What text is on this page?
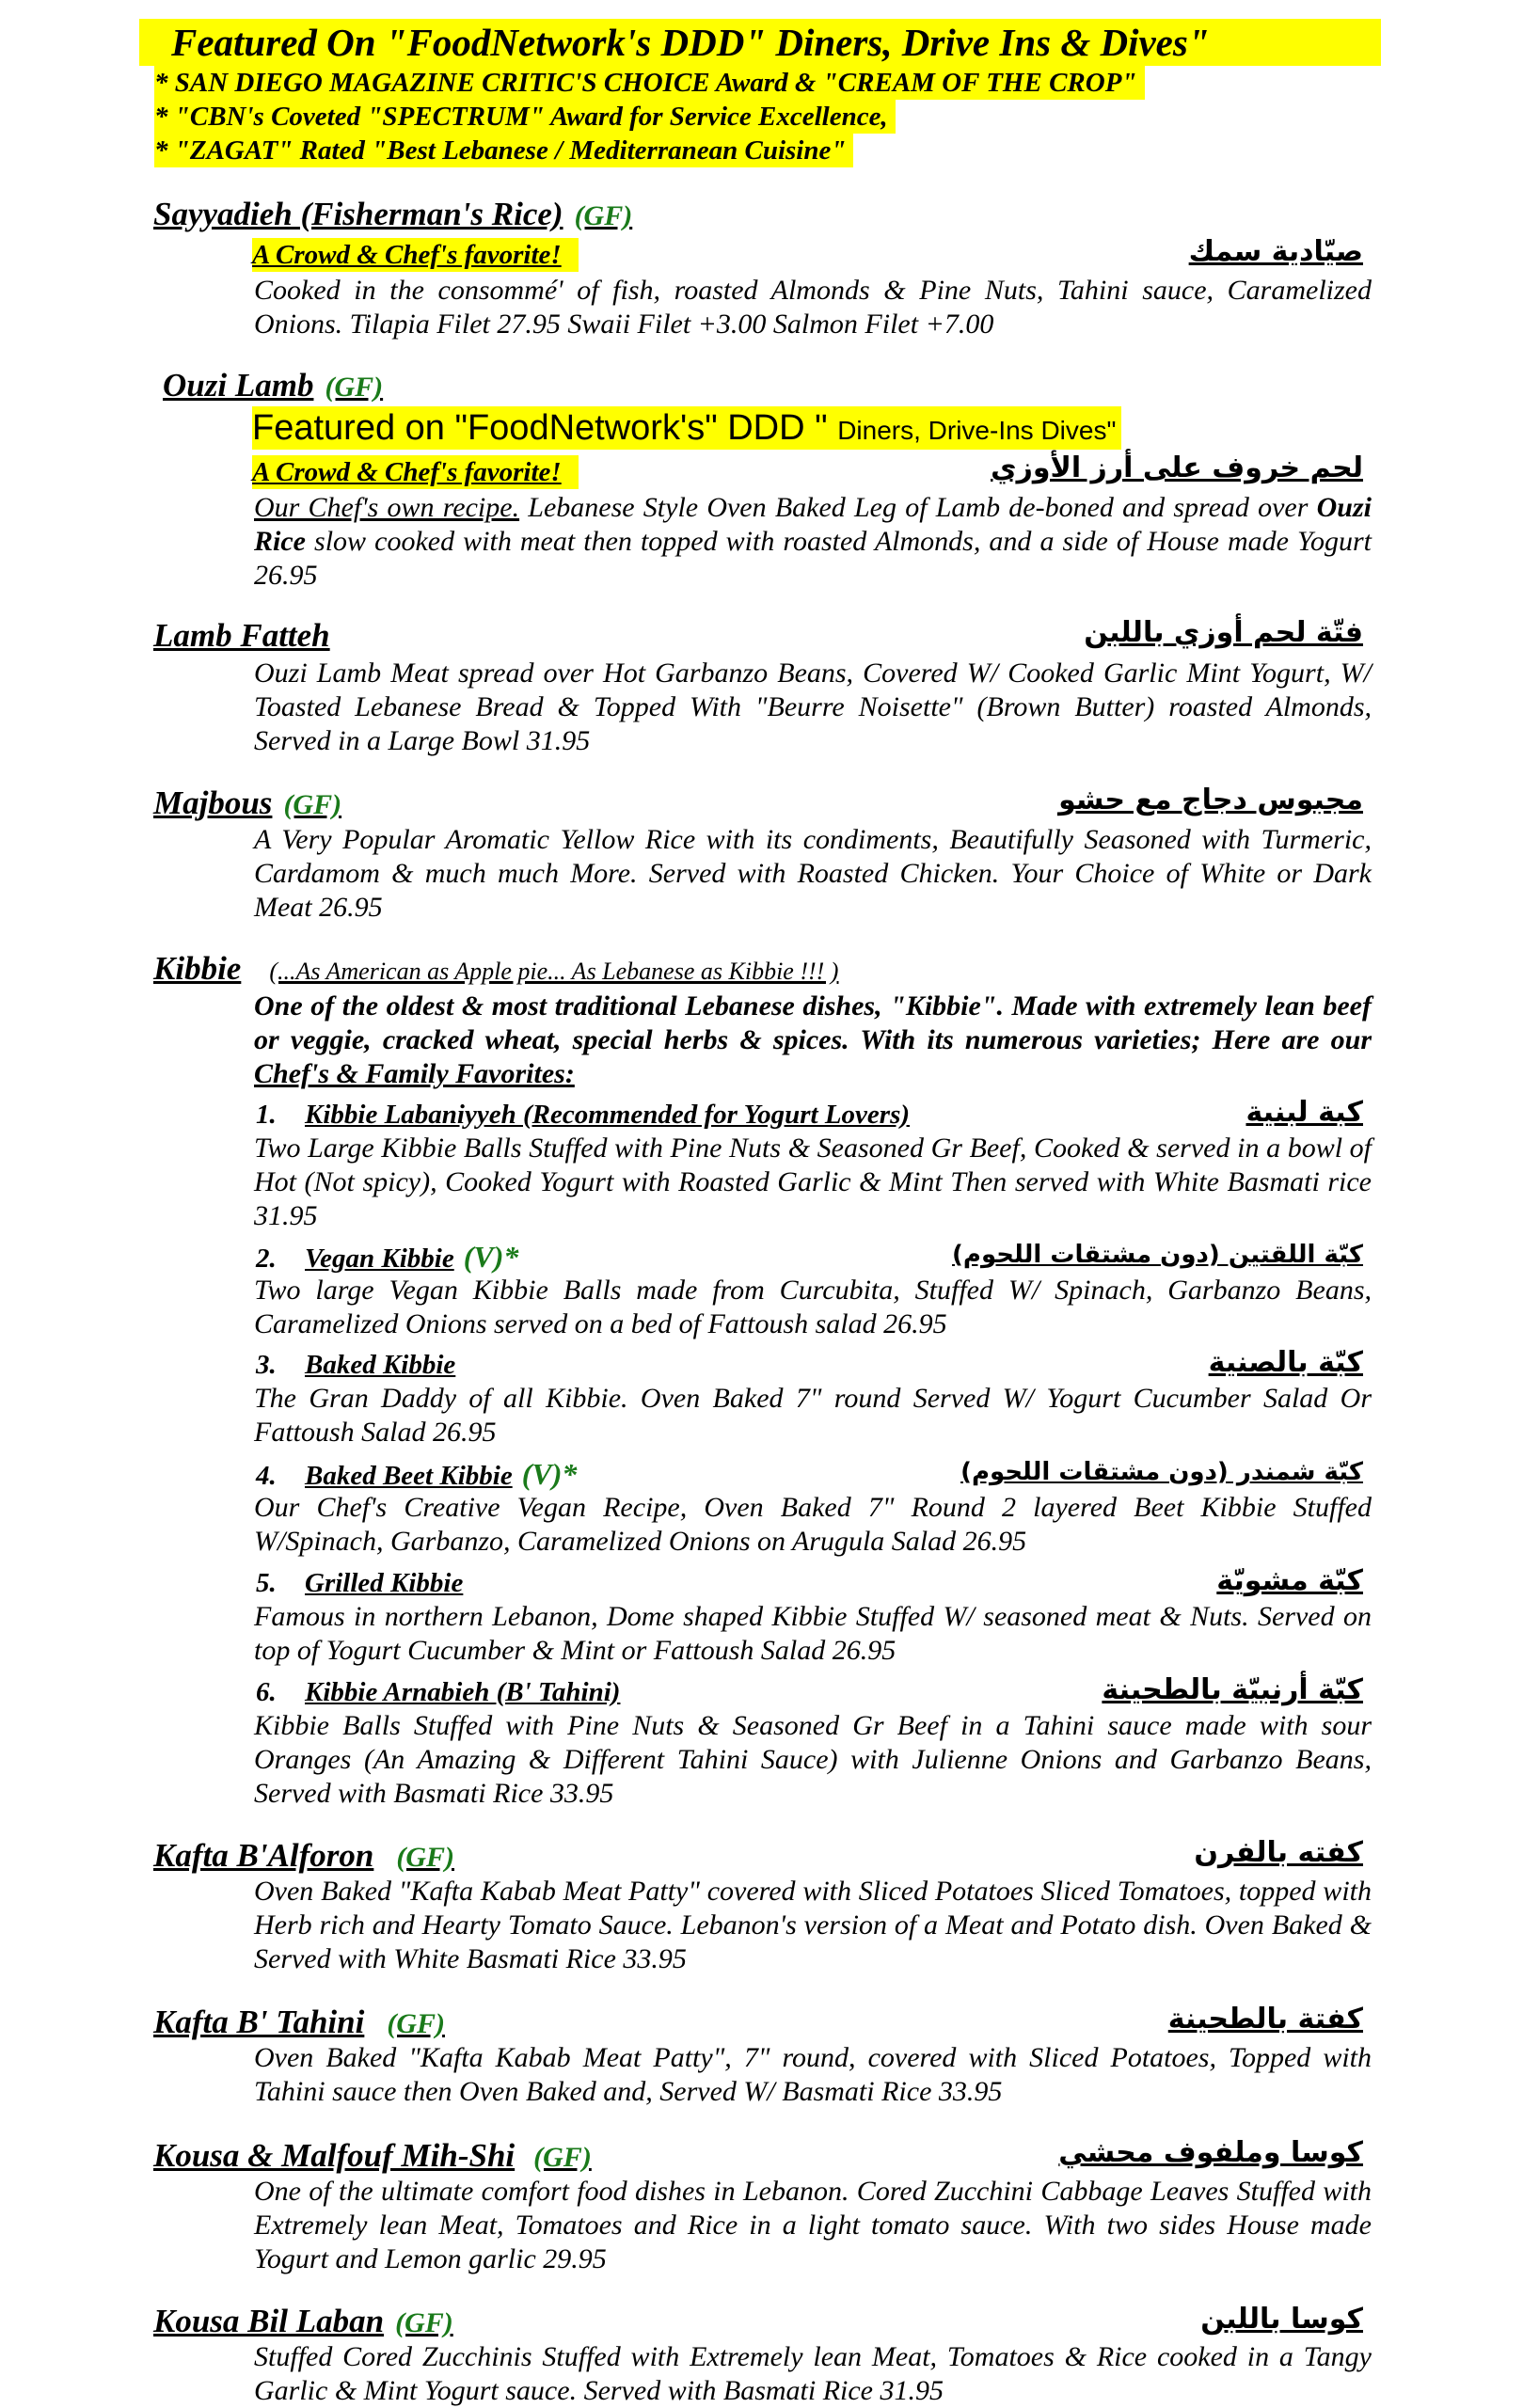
Featured On "FoodNetwork's DDD" Diners, Drive Ins & Dives"
* SAN DIEGO MAGAZINE CRITIC'S CHOICE Award & "CREAM OF THE CROP"
* "CBN's Coveted "SPECTRUM" Award for Service Excellence,
* "ZAGAT" Rated "Best Lebanese / Mediterranean Cuisine"
Sayyadieh (Fisherman's Rice) (GF)
A Crowd & Chef's favorite!	صيّادية سمك
Cooked in the consommé' of fish, roasted Almonds & Pine Nuts, Tahini sauce, Caramelized Onions. Tilapia Filet 27.95 Swaii Filet +3.00 Salmon Filet +7.00
Ouzi Lamb (GF)
Featured on "FoodNetwork's" DDD " Diners, Drive-Ins Dives"
A Crowd & Chef's favorite!	لحم خروف على أرز الأوزي
Our Chef's own recipe. Lebanese Style Oven Baked Leg of Lamb de-boned and spread over Ouzi Rice slow cooked with meat then topped with roasted Almonds, and a side of House made Yogurt 26.95
Lamb Fatteh	فتّة لحم أوزي باللبن
Ouzi Lamb Meat spread over Hot Garbanzo Beans, Covered W/ Cooked Garlic Mint Yogurt, W/ Toasted Lebanese Bread & Topped With "Beurre Noisette" (Brown Butter) roasted Almonds, Served in a Large Bowl 31.95
Majbous (GF)	مجبوس دجاج مع حشو
A Very Popular Aromatic Yellow Rice with its condiments, Beautifully Seasoned with Turmeric, Cardamom & much much More. Served with Roasted Chicken. Your Choice of White or Dark Meat 26.95
Kibbie (...As American as Apple pie... As Lebanese as Kibbie !!! )
One of the oldest & most traditional Lebanese dishes, "Kibbie". Made with extremely lean beef or veggie, cracked wheat, special herbs & spices. With its numerous varieties; Here are our Chef's & Family Favorites:
1. Kibbie Labaniyyeh (Recommended for Yogurt Lovers)	كبة لبنية
Two Large Kibbie Balls Stuffed with Pine Nuts & Seasoned Gr Beef, Cooked & served in a bowl of Hot (Not spicy), Cooked Yogurt with Roasted Garlic & Mint Then served with White Basmati rice 31.95
2. Vegan Kibbie (V)*	كبّة اللقتين (دون مشتقات اللحوم)
Two large Vegan Kibbie Balls made from Curcubita, Stuffed W/ Spinach, Garbanzo Beans, Caramelized Onions served on a bed of Fattoush salad 26.95
3. Baked Kibbie	كبّة بالصنية
The Gran Daddy of all Kibbie. Oven Baked 7" round Served W/ Yogurt Cucumber Salad Or Fattoush Salad 26.95
4. Baked Beet Kibbie (V)*	كبّة شمندر (دون مشتقات اللحوم)
Our Chef's Creative Vegan Recipe, Oven Baked 7" Round 2 layered Beet Kibbie Stuffed W/Spinach, Garbanzo, Caramelized Onions on Arugula Salad 26.95
5. Grilled Kibbie	كبّة مشويّة
Famous in northern Lebanon, Dome shaped Kibbie Stuffed W/ seasoned meat & Nuts. Served on top of Yogurt Cucumber & Mint or Fattoush Salad 26.95
6. Kibbie Arnabieh (B' Tahini)	كبّة أرنبيّة بالطحينة
Kibbie Balls Stuffed with Pine Nuts & Seasoned Gr Beef in a Tahini sauce made with sour Oranges (An Amazing & Different Tahini Sauce) with Julienne Onions and Garbanzo Beans, Served with Basmati Rice 33.95
Kafta B'Alforon (GF)	كفته بالفرن
Oven Baked "Kafta Kabab Meat Patty" covered with Sliced Potatoes Sliced Tomatoes, topped with Herb rich and Hearty Tomato Sauce. Lebanon's version of a Meat and Potato dish. Oven Baked & Served with White Basmati Rice 33.95
Kafta B' Tahini (GF)	كفتة بالطحينة
Oven Baked "Kafta Kabab Meat Patty", 7" round, covered with Sliced Potatoes, Topped with Tahini sauce then Oven Baked and, Served W/ Basmati Rice 33.95
Kousa & Malfouf Mih-Shi (GF)	كوسا وملفوف محشي
One of the ultimate comfort food dishes in Lebanon. Cored Zucchini Cabbage Leaves Stuffed with Extremely lean Meat, Tomatoes and Rice in a light tomato sauce. With two sides House made Yogurt and Lemon garlic 29.95
Kousa Bil Laban (GF)	كوسا باللبن
Stuffed Cored Zucchinis Stuffed with Extremely lean Meat, Tomatoes & Rice cooked in a Tangy Garlic & Mint Yogurt sauce. Served with Basmati Rice 31.95
